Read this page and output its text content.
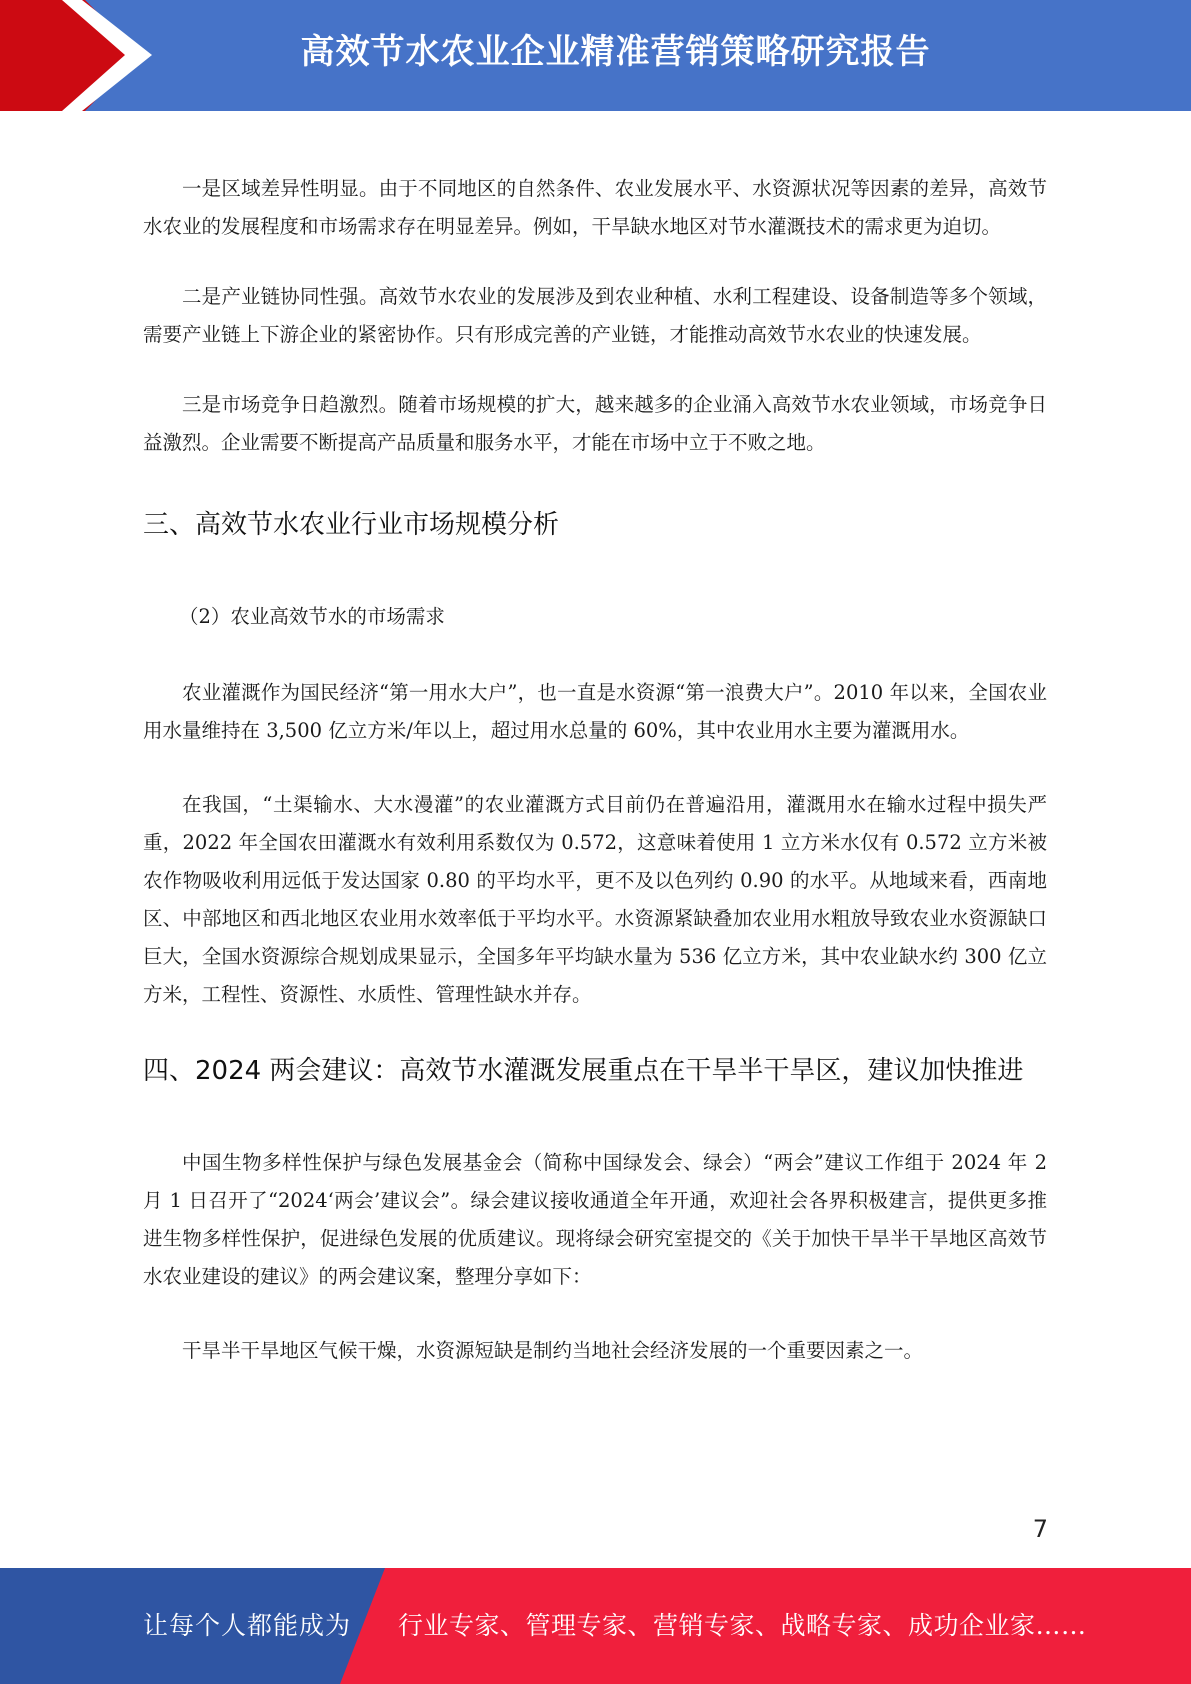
高效节水农业企业精准营销策略研究报告

一是区域差异性明显。由于不同地区的自然条件、农业发展水平、水资源状况等因素的差异，高效节水农业的发展程度和市场需求存在明显差异。例如，干旱缺水地区对节水灌溉技术的需求更为迫切。

二是产业链协同性强。高效节水农业的发展涉及到农业种植、水利工程建设、设备制造等多个领域，需要产业链上下游企业的紧密协作。只有形成完善的产业链，才能推动高效节水农业的快速发展。

三是市场竞争日趋激烈。随着市场规模的扩大，越来越多的企业涌入高效节水农业领域，市场竞争日益激烈。企业需要不断提高产品质量和服务水平，才能在市场中立于不败之地。

三、高效节水农业行业市场规模分析

（2）农业高效节水的市场需求

农业灌溉作为国民经济“第一用水大户”，也一直是水资源“第一浪费大户”。2010 年以来，全国农业用水量维持在 3,500 亿立方米/年以上，超过用水总量的 60%，其中农业用水主要为灌溉用水。

在我国，“土渠输水、大水漫灌”的农业灌溉方式目前仍在普遍沿用，灌溉用水在输水过程中损失严重，2022 年全国农田灌溉水有效利用系数仅为 0.572，这意味着使用 1 立方米水仅有 0.572 立方米被农作物吸收利用远低于发达国家 0.80 的平均水平，更不及以色列约 0.90 的水平。从地域来看，西南地区、中部地区和西北地区农业用水效率低于平均水平。水资源紧缺叠加农业用水粗放导致农业水资源缺口巨大，全国水资源综合规划成果显示，全国多年平均缺水量为 536 亿立方米，其中农业缺水约 300 亿立方米，工程性、资源性、水质性、管理性缺水并存。

四、2024 两会建议：高效节水灌溉发展重点在干旱半干旱区，建议加快推进

中国生物多样性保护与绿色发展基金会（简称中国绿发会、绿会）“两会”建议工作组于 2024 年 2 月 1 日召开了“2024‘两会’建议会”。绿会建议接收通道全年开通，欢迎社会各界积极建言，提供更多推进生物多样性保护，促进绿色发展的优质建议。现将绿会研究室提交的《关于加快干旱半干旱地区高效节水农业建设的建议》的两会建议案，整理分享如下：

干旱半干旱地区气候干燥，水资源短缺是制约当地社会经济发展的一个重要因素之一。

7
让每个人都能成为 行业专家、管理专家、营销专家、战略专家、成功企业家……
